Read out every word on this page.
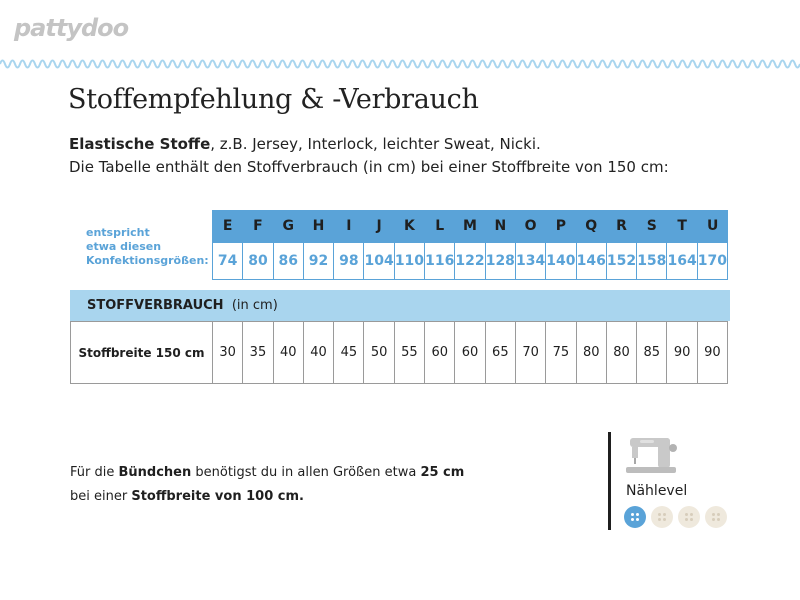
pattydoo
Stoffempfehlung & -Verbrauch
Elastische Stoffe, z.B. Jersey, Interlock, leichter Sweat, Nicki.
Die Tabelle enthält den Stoffverbrauch (in cm) bei einer Stoffbreite von 150 cm:
entspricht
etwa diesen
Konfektionsgrößen:
E	F	G	H	I	J	K	L	M	N	O	P	Q	R	S	T	U
74	80	86	92	98	104	110	116	122	128	134	140	146	152	158	164	170
STOFFVERBRAUCH (in cm)
Stoffbreite 150 cm	30	35	40	40	45	50	55	60	60	65	70	75	80	80	85	90	90
Für die Bündchen benötigst du in allen Größen etwa 25 cm
bei einer Stoffbreite von 100 cm.	Nählevel
